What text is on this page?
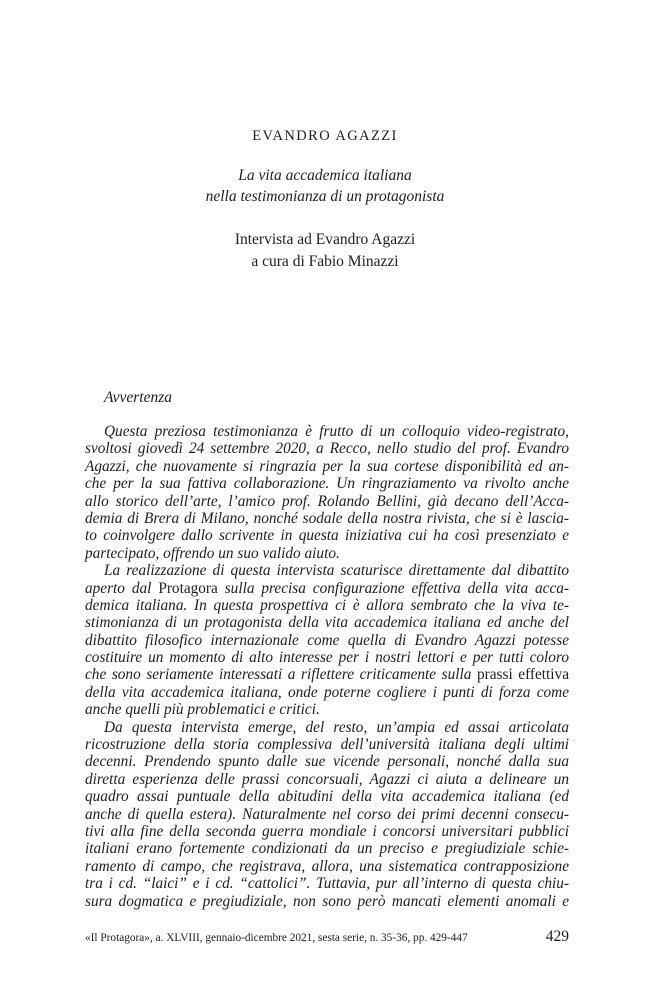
EVANDRO AGAZZI
La vita accademica italiana
nella testimonianza di un protagonista
Intervista ad Evandro Agazzi
a cura di Fabio Minazzi
Avvertenza
Questa preziosa testimonianza è frutto di un colloquio video-registrato,
svoltosi giovedì 24 settembre 2020, a Recco, nello studio del prof. Evandro
Agazzi, che nuovamente si ringrazia per la sua cortese disponibilità ed an-
che per la sua fattiva collaborazione. Un ringraziamento va rivolto anche
allo storico dell’arte, l’amico prof. Rolando Bellini, già decano dell’Acca-
demia di Brera di Milano, nonché sodale della nostra rivista, che si è lascia-
to coinvolgere dallo scrivente in questa iniziativa cui ha così presenziato e
partecipato, offrendo un suo valido aiuto.
La realizzazione di questa intervista scaturisce direttamente dal dibattito
aperto dal Protagora sulla precisa configurazione effettiva della vita acca-
demica italiana. In questa prospettiva ci è allora sembrato che la viva te-
stimonianza di un protagonista della vita accademica italiana ed anche del
dibattito filosofico internazionale come quella di Evandro Agazzi potesse
costituire un momento di alto interesse per i nostri lettori e per tutti coloro
che sono seriamente interessati a riflettere criticamente sulla prassi effettiva
della vita accademica italiana, onde poterne cogliere i punti di forza come
anche quelli più problematici e critici.
Da questa intervista emerge, del resto, un’ampia ed assai articolata
ricostruzione della storia complessiva dell’università italiana degli ultimi
decenni. Prendendo spunto dalle sue vicende personali, nonché dalla sua
diretta esperienza delle prassi concorsuali, Agazzi ci aiuta a delineare un
quadro assai puntuale della abitudini della vita accademica italiana (ed
anche di quella estera). Naturalmente nel corso dei primi decenni consecu-
tivi alla fine della seconda guerra mondiale i concorsi universitari pubblici
italiani erano fortemente condizionati da un preciso e pregiudiziale schie-
ramento di campo, che registrava, allora, una sistematica contrapposizione
tra i cd. “laici” e i cd. “cattolici”. Tuttavia, pur all’interno di questa chiu-
sura dogmatica e pregiudiziale, non sono però mancati elementi anomali e
«Il Protagora», a. XLVIII, gennaio-dicembre 2021, sesta serie, n. 35-36, pp. 429-447	429
